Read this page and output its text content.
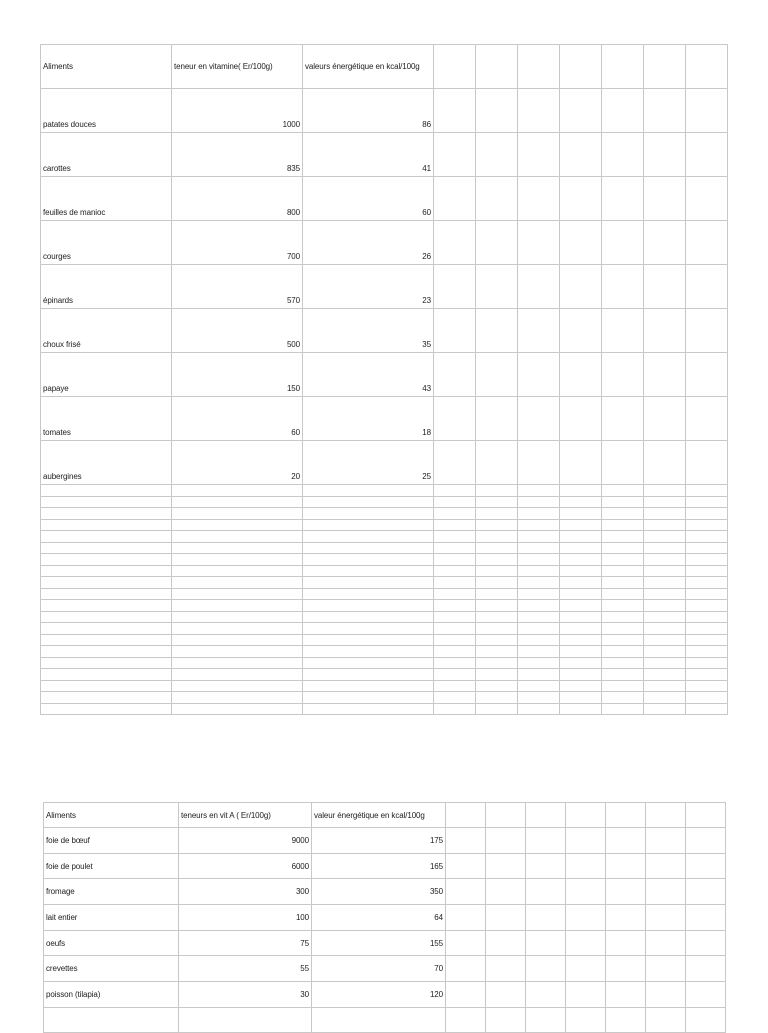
Aliments	teneur en vitamine( Er/100g)	valeurs énergétique en kcal/100g							
patates douces	1000	86							
carottes	835	41							
feuilles de manioc	800	60							
courges	700	26							
épinards	570	23							
choux frisé	500	35							
papaye	150	43							
tomates	60	18							
aubergines	20	25							

Aliments	teneurs en vit A ( Er/100g)	valeur énergétique en kcal/100g							
foie de bœuf	9000	175							
foie de poulet	6000	165							
fromage	300	350							
lait entier	100	64							
oeufs	75	155							
crevettes	55	70							
poisson (tilapia)	30	120							
